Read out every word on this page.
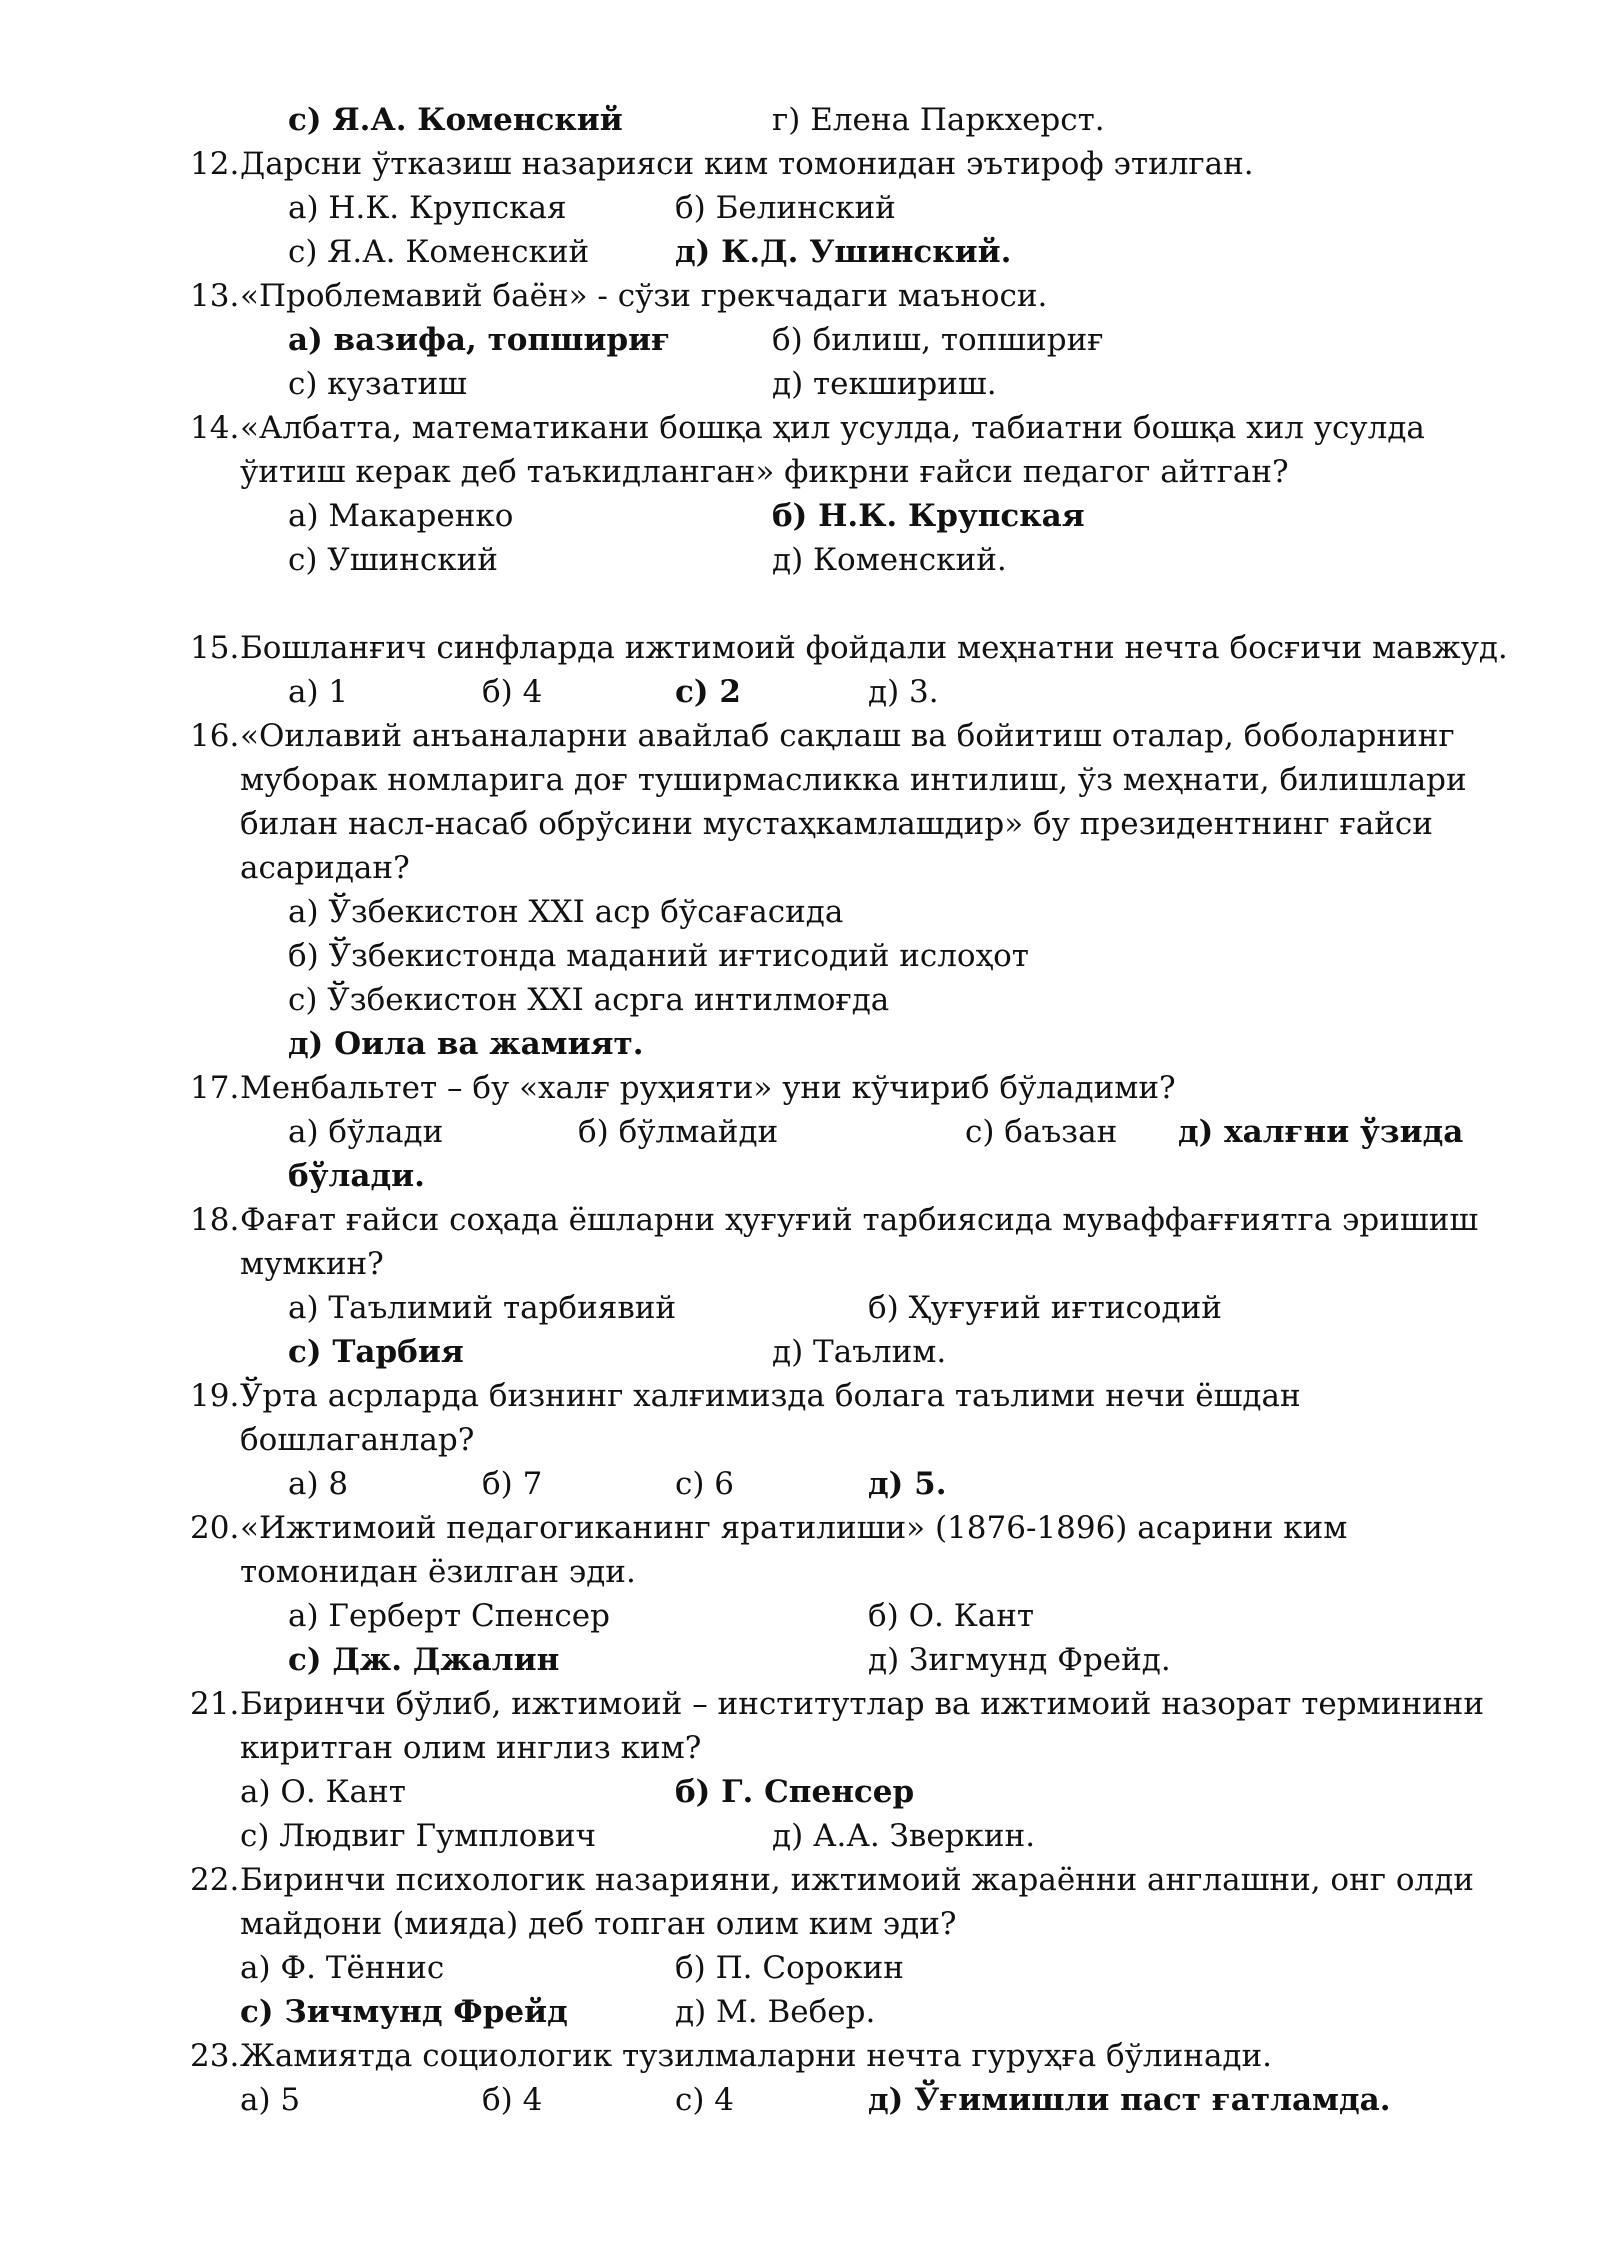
с) Я.А. Коменский	г) Елена Паркхерст.
12. Дарсни ўтказиш назарияси ким томонидан эътироф этилган.
а) Н.К. Крупская	б) Белинский
с) Я.А. Коменский	д) К.Д. Ушинский.
13. «Проблемавий баён» - сўзи грекчадаги маъноси.
а) вазифа, топшириғ	б) билиш, топшириғ
с) кузатиш	д) текшириш.
14. «Албатта, математикани бошқа ҳил усулда, табиатни бошқа хил усулда
ўитиш керак деб таъкидланган» фикрни ғайси педагог айтган?
а) Макаренко	б) Н.К. Крупская
с) Ушинский	д) Коменский.
15. Бошланғич синфларда ижтимоий фойдали меҳнатни нечта босғичи мавжуд.
а) 1	б) 4	с) 2	д) 3.
16. «Оилавий анъаналарни авайлаб сақлаш ва бойитиш оталар, боболарнинг
муборак номларига доғ туширмасликка интилиш, ўз меҳнати, билишлари
билан насл-насаб обрўсини мустаҳкамлашдир» бу президентнинг ғайси
асаридан?
а) Ўзбекистон XXI аср бўсағасида
б) Ўзбекистонда маданий иғтисодий ислоҳот
с) Ўзбекистон XXI асрга интилмоғда
д) Оила ва жамият.
17. Менбальтет – бу «халғ руҳияти» уни кўчириб бўладими?
а) бўлади	б) бўлмайди	с) баъзан д) халғни ўзида
бўлади.
18. Фағат ғайси соҳада ёшларни ҳуғуғий тарбиясида муваффағғиятга эришиш
мумкин?
а) Таълимий тарбиявий	б) Ҳуғуғий иғтисодий
с) Тарбия	д) Таълим.
19. Ўрта асрларда бизнинг халғимизда болага таълими нечи ёшдан
бошлаганлар?
а) 8	б) 7	с) 6	д) 5.
20. «Ижтимоий педагогиканинг яратилиши» (1876-1896) асарини ким
томонидан ёзилган эди.
а) Герберт Спенсер	б) О. Кант
с) Дж. Джалин	д) Зигмунд Фрейд.
21. Биринчи бўлиб, ижтимоий – институтлар ва ижтимоий назорат терминини
киритган олим инглиз ким?
а) О. Кант	б) Г. Спенсер
с) Людвиг Гумплович	д) А.А. Зверкин.
22. Биринчи психологик назарияни, ижтимоий жараённи англашни, онг олди
майдони (мияда) деб топган олим ким эди?
а) Ф. Тённис	б) П. Сорокин
с) Зичмунд Фрейд	д) М. Вебер.
23. Жамиятда социологик тузилмаларни нечта гуруҳға бўлинади.
а) 5	б) 4	с) 4	д) Ўғимишли паст ғатламда.
